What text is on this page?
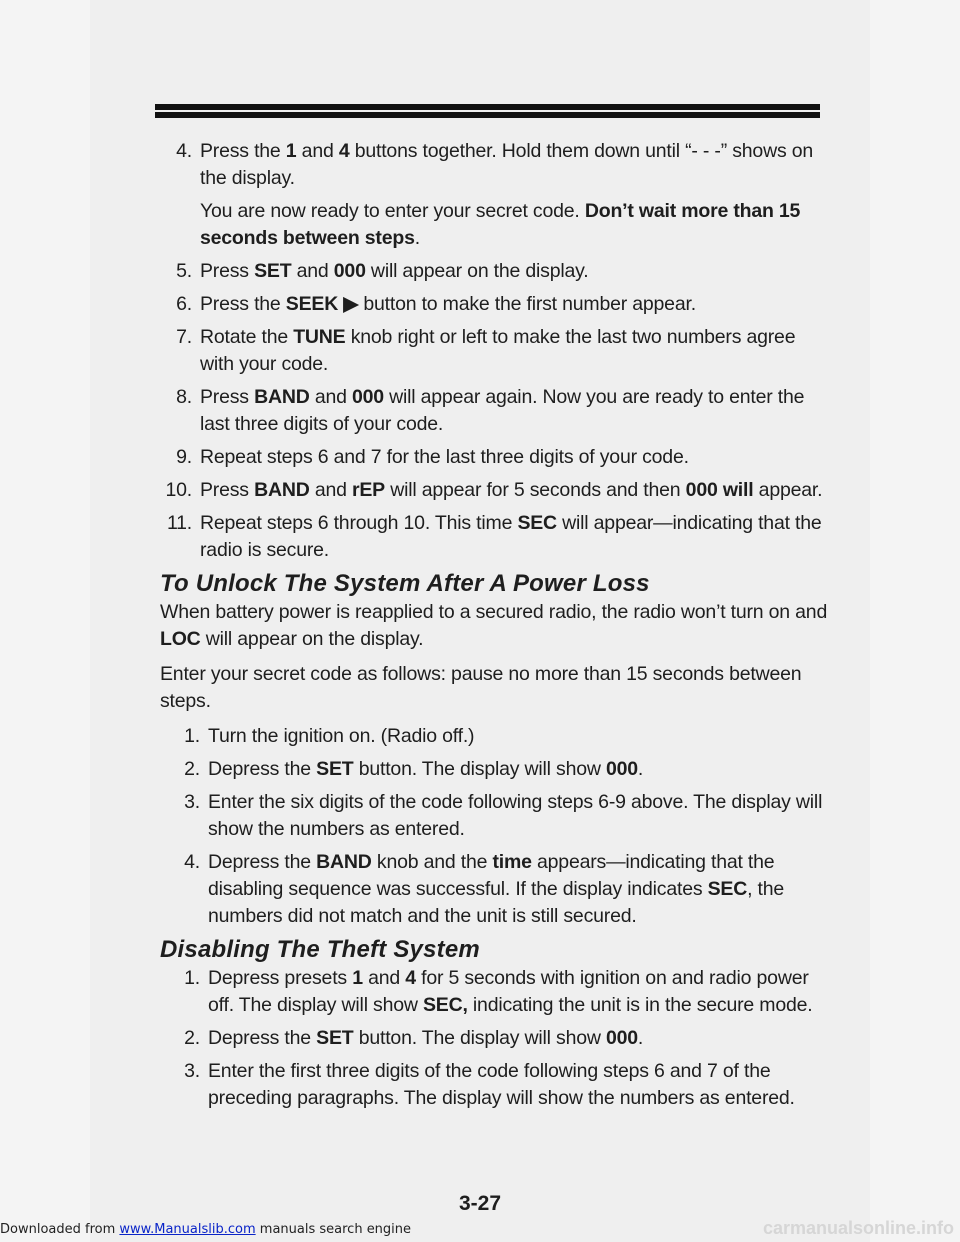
4. Press the 1 and 4 buttons together. Hold them down until “- - -” shows on the display.
You are now ready to enter your secret code. Don’t wait more than 15 seconds between steps.
5. Press SET and 000 will appear on the display.
6. Press the SEEK ▶ button to make the first number appear.
7. Rotate the TUNE knob right or left to make the last two numbers agree with your code.
8. Press BAND and 000 will appear again. Now you are ready to enter the last three digits of your code.
9. Repeat steps 6 and 7 for the last three digits of your code.
10. Press BAND and rEP will appear for 5 seconds and then 000 will appear.
11. Repeat steps 6 through 10. This time SEC will appear—indicating that the radio is secure.
To Unlock The System After A Power Loss
When battery power is reapplied to a secured radio, the radio won’t turn on and LOC will appear on the display.
Enter your secret code as follows: pause no more than 15 seconds between steps.
1. Turn the ignition on. (Radio off.)
2. Depress the SET button. The display will show 000.
3. Enter the six digits of the code following steps 6-9 above. The display will show the numbers as entered.
4. Depress the BAND knob and the time appears—indicating that the disabling sequence was successful. If the display indicates SEC, the numbers did not match and the unit is still secured.
Disabling The Theft System
1. Depress presets 1 and 4 for 5 seconds with ignition on and radio power off. The display will show SEC, indicating the unit is in the secure mode.
2. Depress the SET button. The display will show 000.
3. Enter the first three digits of the code following steps 6 and 7 of the preceding paragraphs. The display will show the numbers as entered.
3-27
Downloaded from www.Manualslib.com manuals search engine	carmanualsonline.info
